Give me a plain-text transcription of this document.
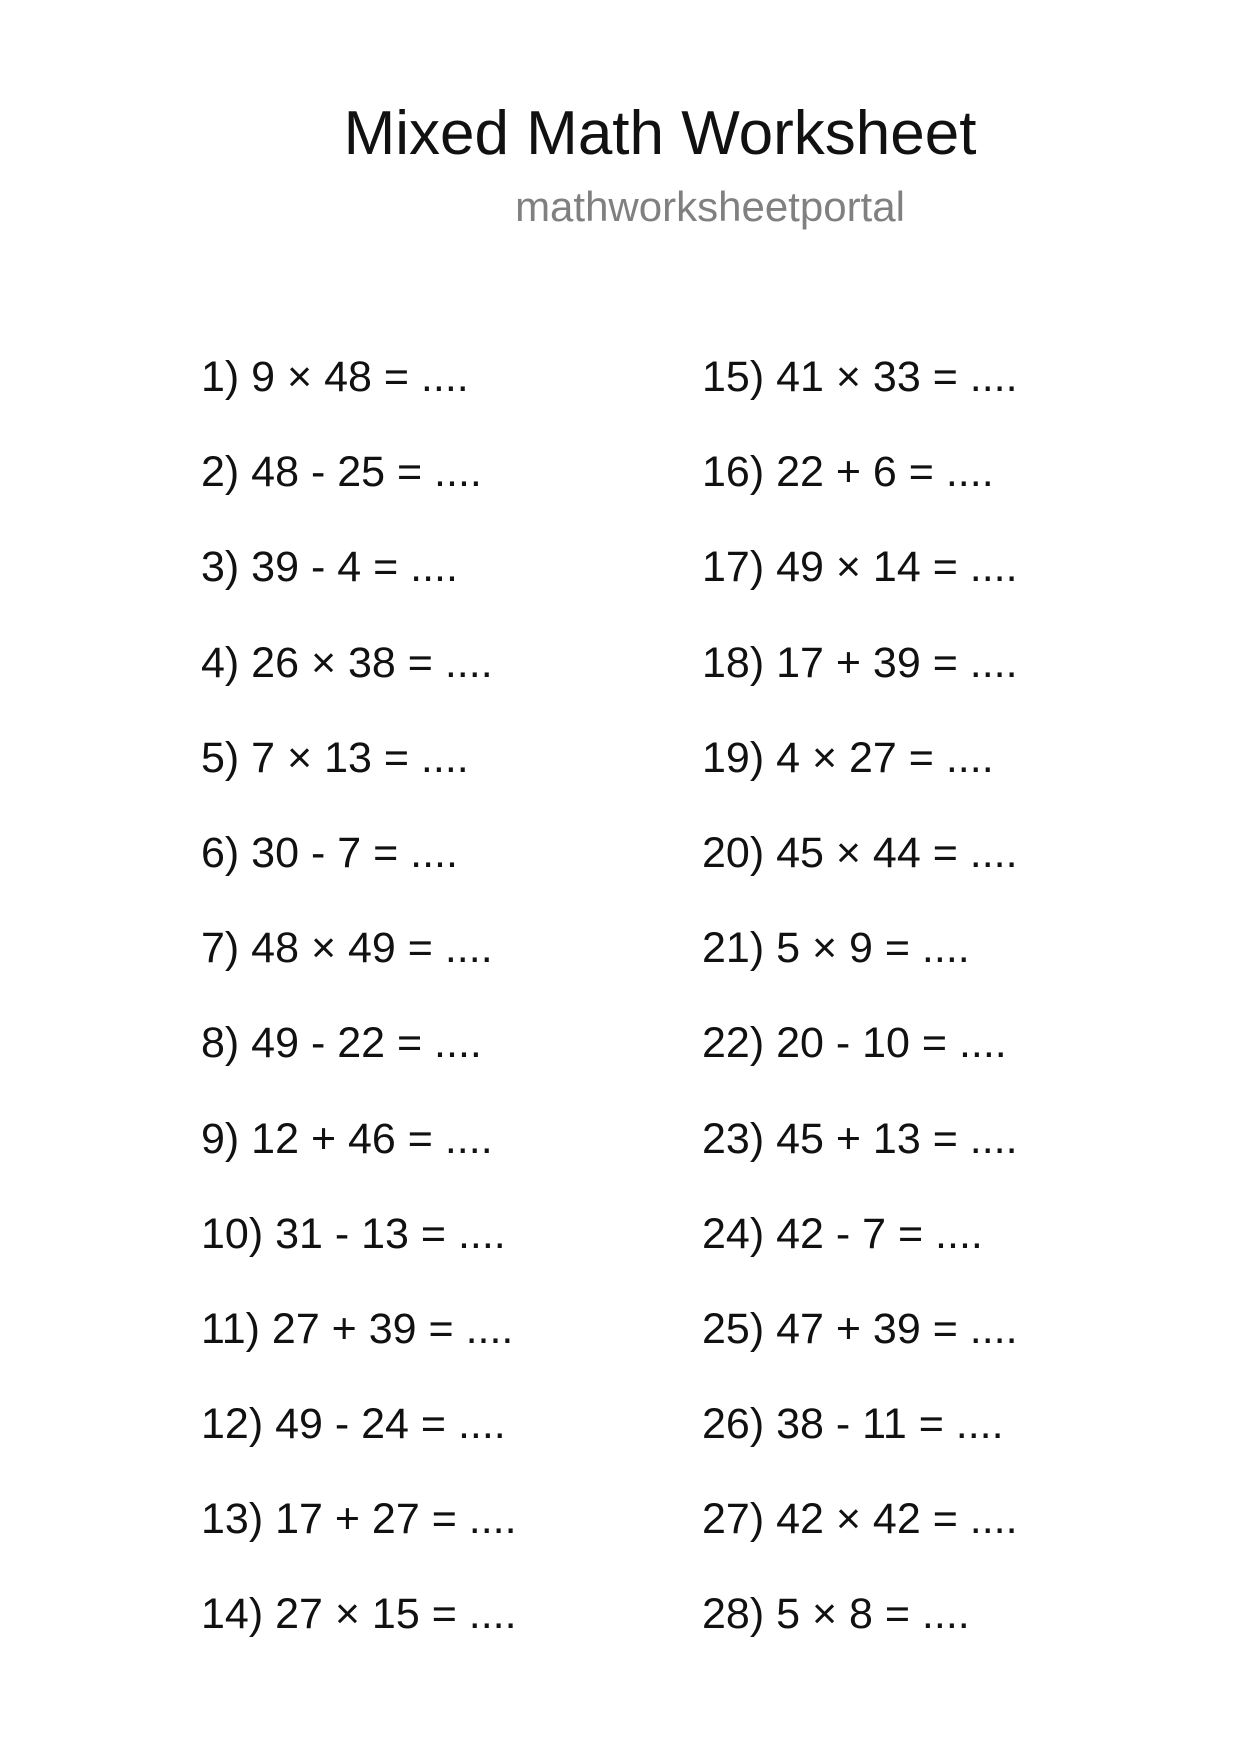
Mixed Math Worksheet
mathworksheetportal
1) 9 × 48 = ....
2) 48 - 25 = ....
3) 39 - 4 = ....
4) 26 × 38 = ....
5) 7 × 13 = ....
6) 30 - 7 = ....
7) 48 × 49 = ....
8) 49 - 22 = ....
9) 12 + 46 = ....
10) 31 - 13 = ....
11) 27 + 39 = ....
12) 49 - 24 = ....
13) 17 + 27 = ....
14) 27 × 15 = ....
15) 41 × 33 = ....
16) 22 + 6 = ....
17) 49 × 14 = ....
18) 17 + 39 = ....
19) 4 × 27 = ....
20) 45 × 44 = ....
21) 5 × 9 = ....
22) 20 - 10 = ....
23) 45 + 13 = ....
24) 42 - 7 = ....
25) 47 + 39 = ....
26) 38 - 11 = ....
27) 42 × 42 = ....
28) 5 × 8 = ....
